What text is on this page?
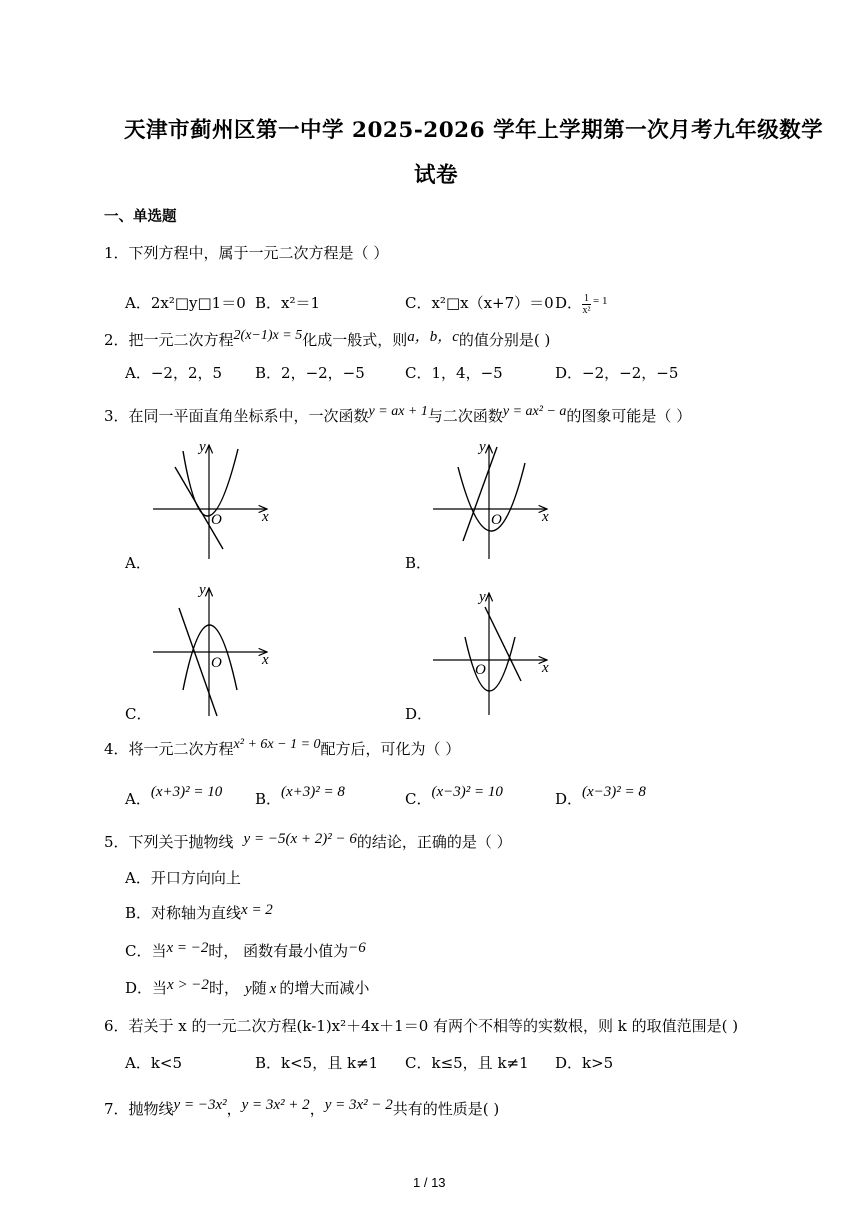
天津市蓟州区第一中学 2025-2026 学年上学期第一次月考九年级数学
试卷
一、单选题
1．下列方程中，属于一元二次方程是（ ）
A．2x²□y□1＝0 B．x²＝1	C．x²□x（x+7）＝0 D． $\frac{1}{\text{x²}} ^{= 1}$
2．把一元二次方程2(x−1)x = 5化成一般式，则a，b，c的值分别是( )
A．−2，2，5 B．2，−2，−5	C．1，4，−5	D．−2，−2，−5
3．在同一平面直角坐标系中，一次函数y = ax + 1与二次函数y = ax² − a的图象可能是（ ）
x
y
O
A．
x
y
O
B．
x
y
O
C．
x
y
O
D．
4．将一元二次方程x² + 6x − 1 = 0配方后，可化为（ ）
A．(x+3)² = 10 B．(x+3)² = 8	C．(x−3)² = 10	D．(x−3)² = 8
5．下列关于抛物线 y = −5(x + 2)² − 6的结论，正确的是（ ）
A．开口方向向上
B．对称轴为直线x = 2
C．当x = −2时， 函数有最小值为−6
D．当x > −2时， y随 x 的增大而减小
6．若关于 x 的一元二次方程(k-1)x²＋4x＋1＝0 有两个不相等的实数根，则 k 的取值范围是( )
A．k<5	B．k<5，且 k≠1 C．k≤5，且 k≠1 D．k>5
7．抛物线y = −3x²，y = 3x² + 2，y = 3x² − 2共有的性质是( )
1 / 13
